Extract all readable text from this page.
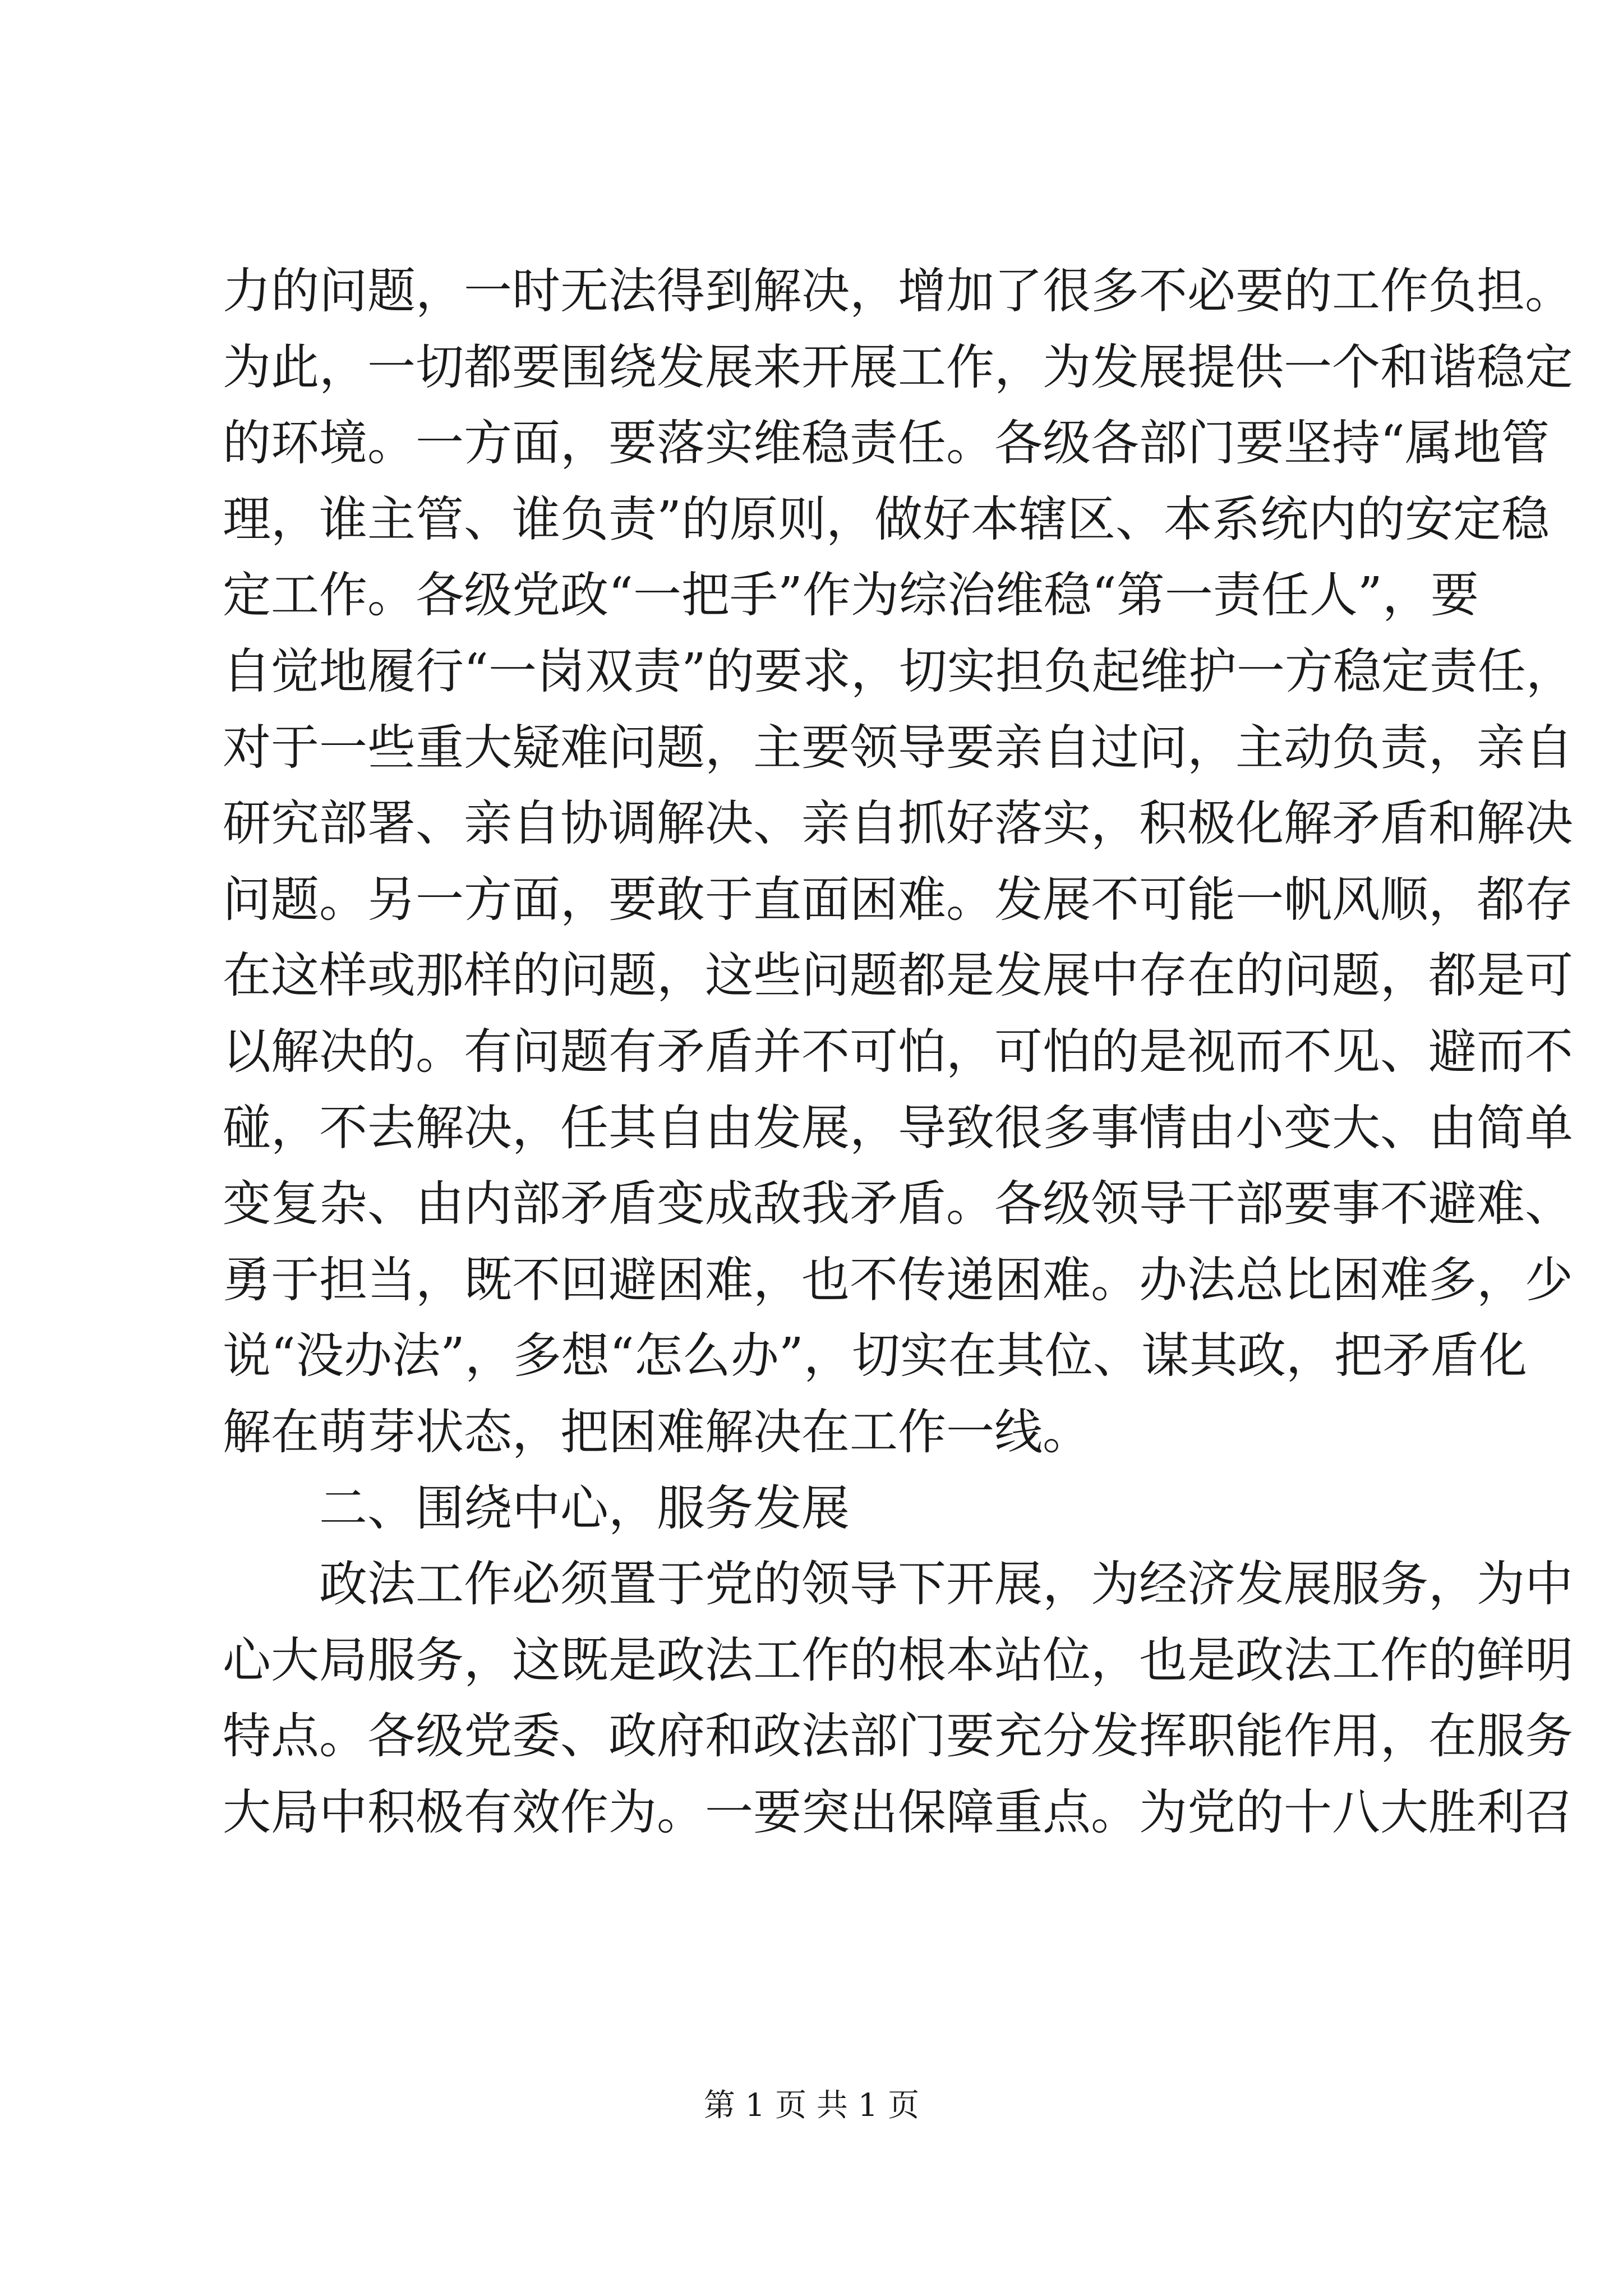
力的问题，一时无法得到解决，增加了很多不必要的工作负担。
为此，一切都要围绕发展来开展工作，为发展提供一个和谐稳定
的环境。一方面，要落实维稳责任。各级各部门要坚持“属地管
理，谁主管、谁负责”的原则，做好本辖区、本系统内的安定稳
定工作。各级党政“一把手”作为综治维稳“第一责任人”，要
自觉地履行“一岗双责”的要求，切实担负起维护一方稳定责任，
对于一些重大疑难问题，主要领导要亲自过问，主动负责，亲自
研究部署、亲自协调解决、亲自抓好落实，积极化解矛盾和解决
问题。另一方面，要敢于直面困难。发展不可能一帆风顺，都存
在这样或那样的问题，这些问题都是发展中存在的问题，都是可
以解决的。有问题有矛盾并不可怕，可怕的是视而不见、避而不
碰，不去解决，任其自由发展，导致很多事情由小变大、由简单
变复杂、由内部矛盾变成敌我矛盾。各级领导干部要事不避难、
勇于担当，既不回避困难，也不传递困难。办法总比困难多，少
说“没办法”，多想“怎么办”，切实在其位、谋其政，把矛盾化
解在萌芽状态，把困难解决在工作一线。
二、围绕中心，服务发展
政法工作必须置于党的领导下开展，为经济发展服务，为中
心大局服务，这既是政法工作的根本站位，也是政法工作的鲜明
特点。各级党委、政府和政法部门要充分发挥职能作用，在服务
大局中积极有效作为。一要突出保障重点。为党的十八大胜利召
第 1 页 共 1 页
